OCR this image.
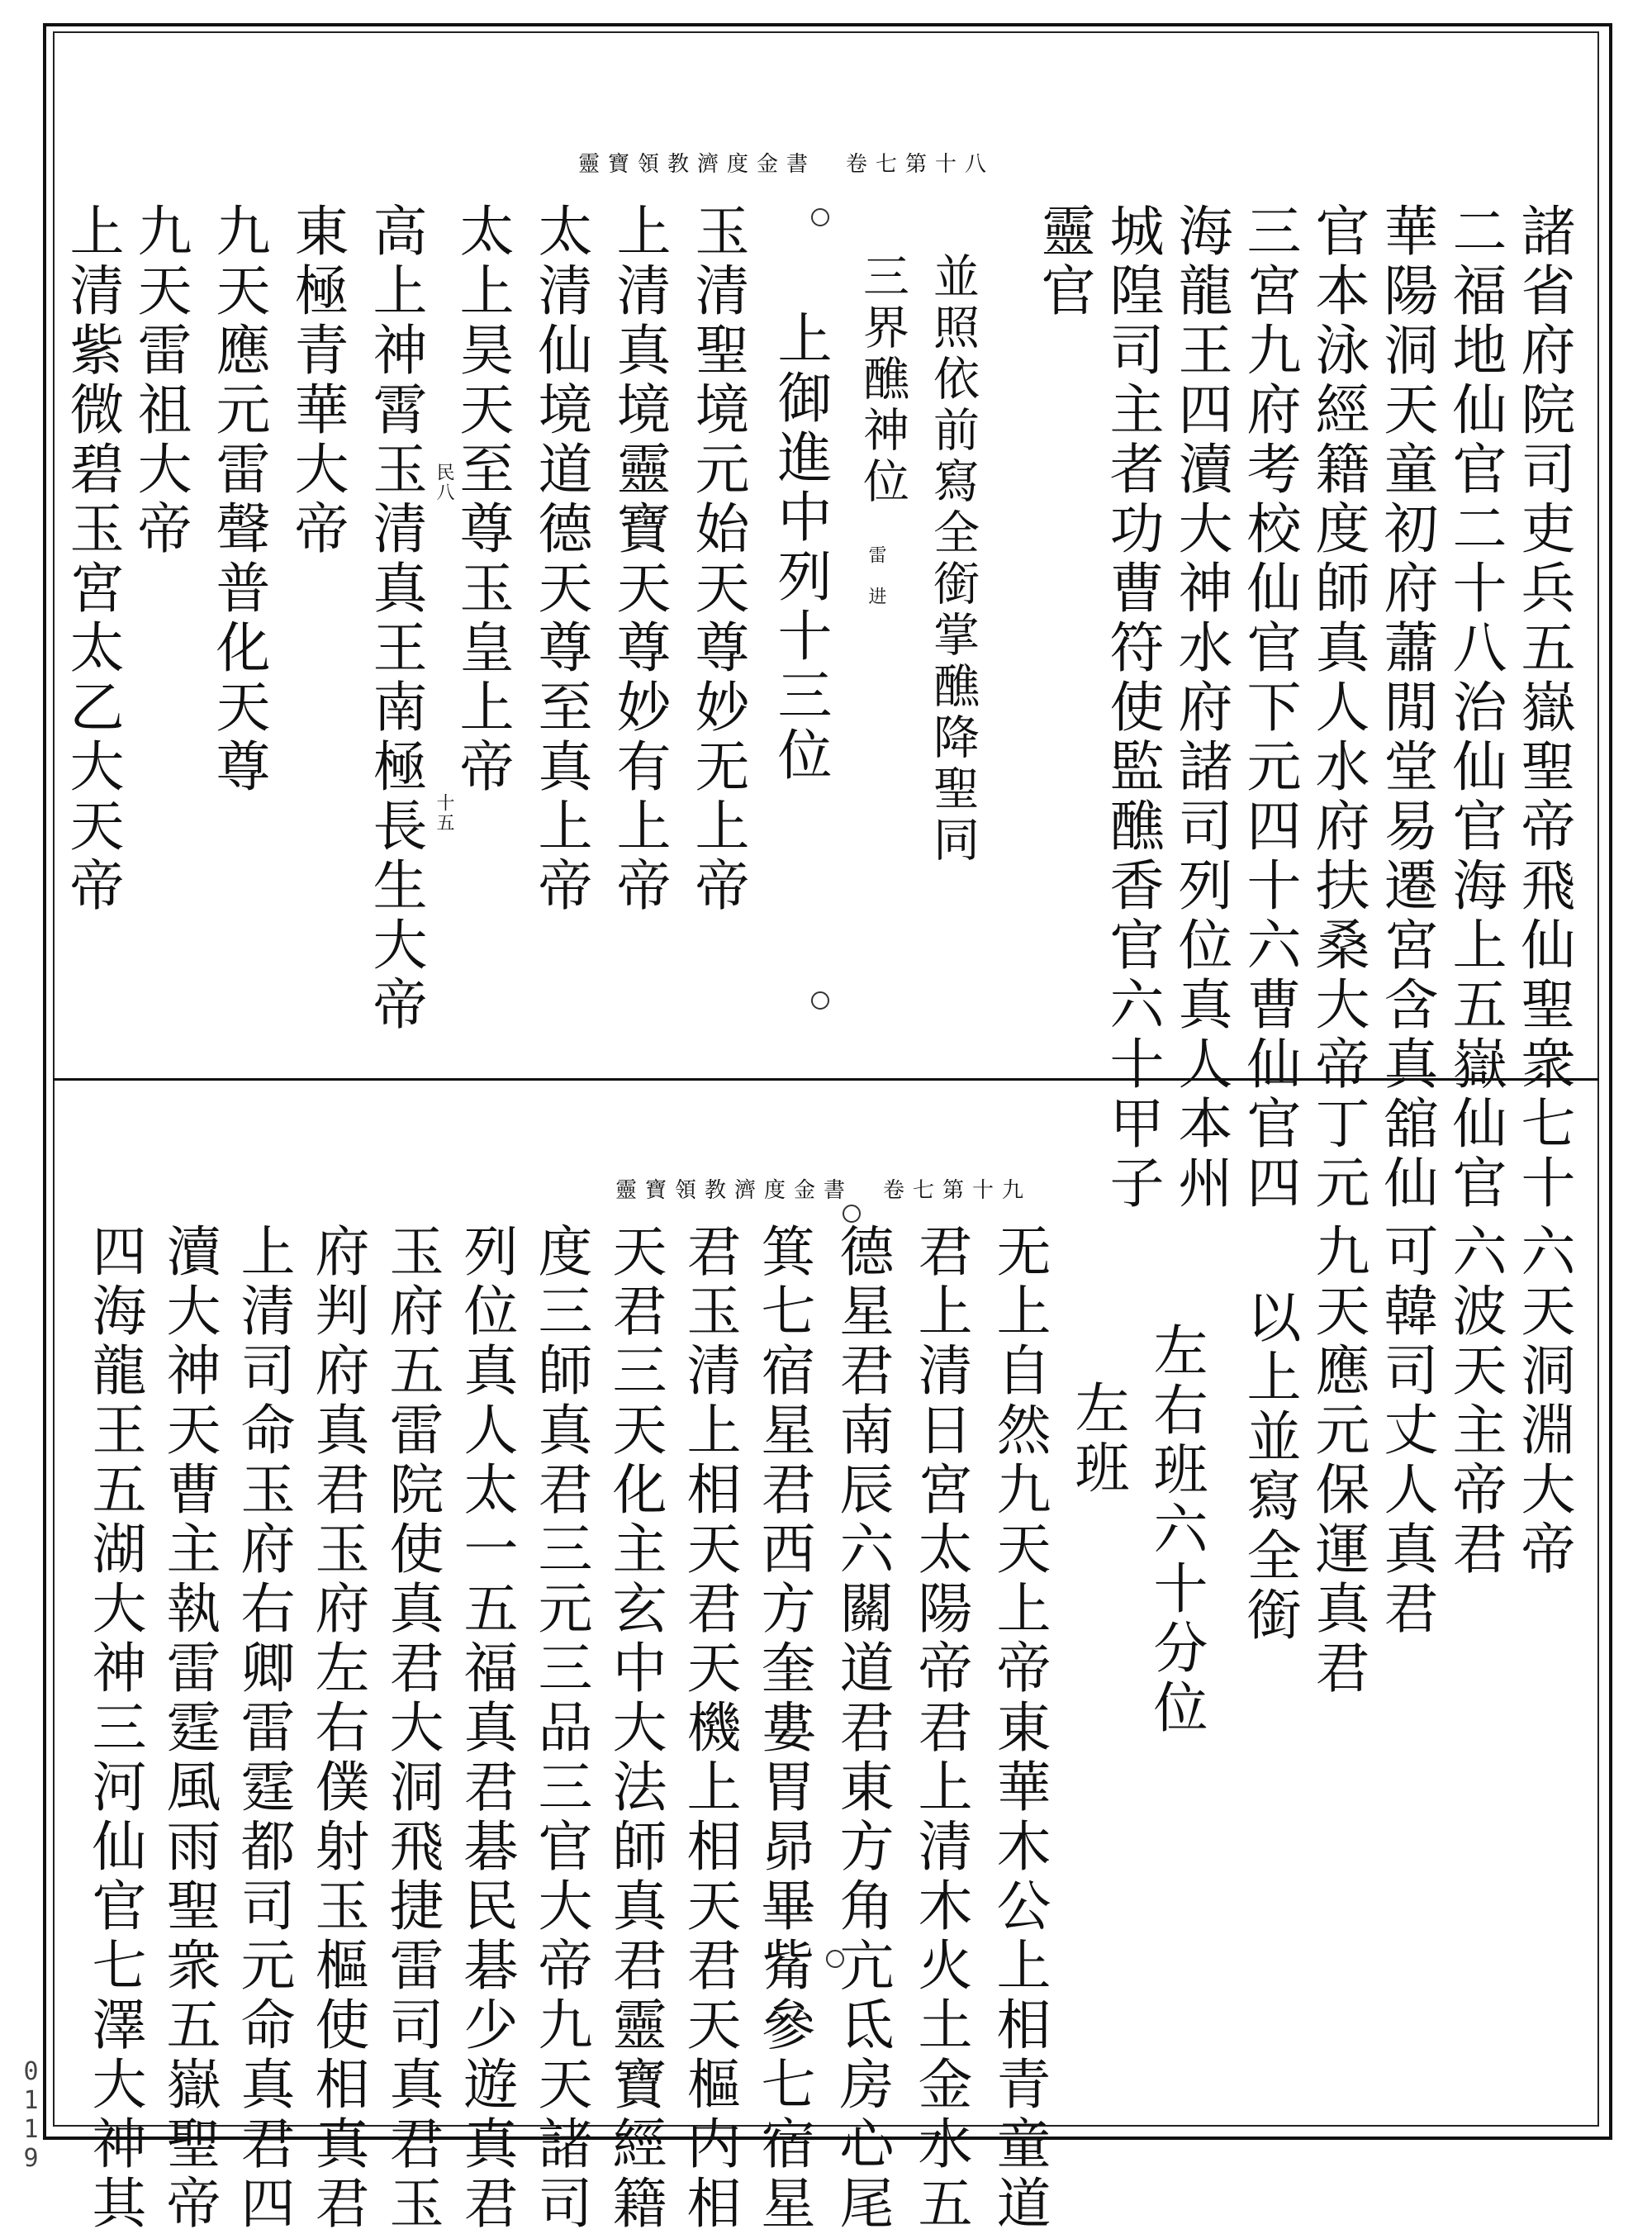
靈寶領教濟度金書　卷七第十八
諸省府院司吏兵五嶽聖帝飛仙聖衆七十
二福地仙官二十八治仙官海上五嶽仙官
華陽洞天童初府蕭閒堂易遷宮含真舘仙
官本泳經籍度師真人水府扶桑大帝丁元
三宮九府考校仙官下元四十六曹仙官四
海龍王四瀆大神水府諸司列位真人本州
城隍司主者功曹符使監醮香官六十甲子
靈官
並照依前寫全銜掌醮降聖同
三界醮神位
雷
进
上御進中列十三位
玉清聖境元始天尊妙无上帝
上清真境靈寶天尊妙有上帝
太清仙境道德天尊至真上帝
太上昊天至尊玉皇上帝
民八
高上神霄玉清真王南極長生大帝 十五
東極青華大帝
九天應元雷聲普化天尊
九天雷祖大帝
上清紫微碧玉宮太乙大天帝
靈寶領教濟度金書　卷七第十九
六天洞淵大帝
六波天主帝君
可韓司丈人真君
九天應元保運真君
以上並寫全銜
左右班六十分位
左班
无上自然九天上帝東華木公上相青童道
君上清日宮太陽帝君上清木火土金水五
德星君南辰六關道君東方角亢氐房心尾
箕七宿星君西方奎婁胃昴畢觜參七宿星
君玉清上相天君天機上相天君天樞内相
天君三天化主玄中大法師真君靈寶經籍
度三師真君三元三品三官大帝九天諸司
列位真人太一五福真君碁民碁少遊真君
玉府五雷院使真君大洞飛捷雷司真君玉
府判府真君玉府左右僕射玉樞使相真君
上清司命玉府右卿雷霆都司元命真君四
瀆大神天曹主執雷霆風雨聖衆五嶽聖帝
四海龍王五湖大神三河仙官七澤大神其
0119
